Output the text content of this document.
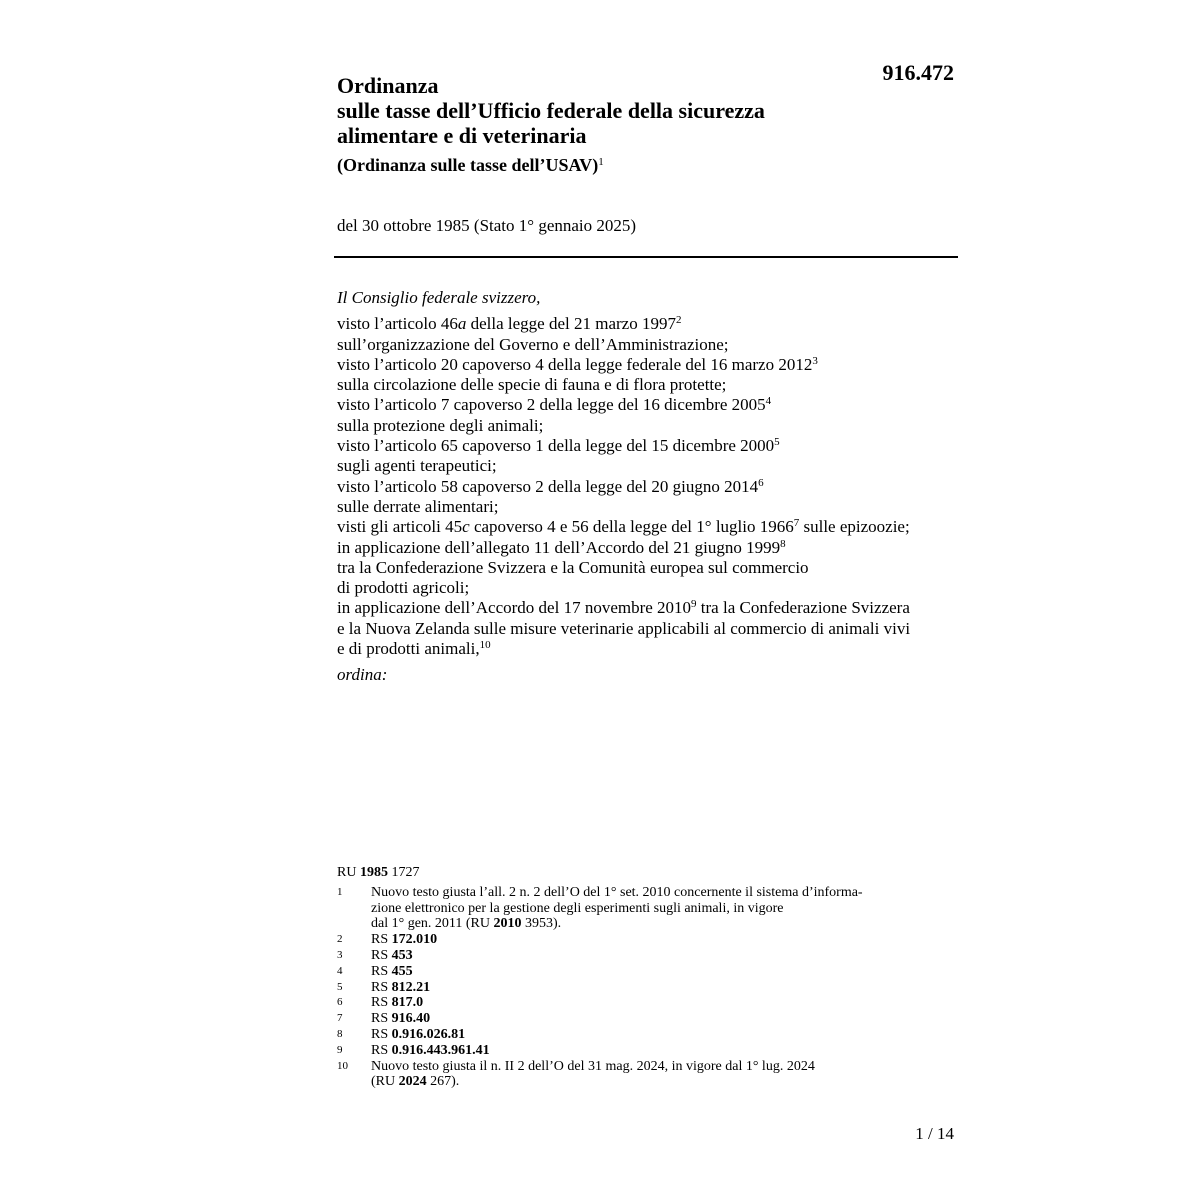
916.472
Ordinanza
sulle tasse dell’Ufficio federale della sicurezza
alimentare e di veterinaria
(Ordinanza sulle tasse dell’USAV)$^1$
del 30 ottobre 1985 (Stato 1° gennaio 2025)
Il Consiglio federale svizzero,
visto l’articolo 46a della legge del 21 marzo 1997$^2$
sull’organizzazione del Governo e dell’Amministrazione;
visto l’articolo 20 capoverso 4 della legge federale del 16 marzo 2012$^3$
sulla circolazione delle specie di fauna e di flora protette;
visto l’articolo 7 capoverso 2 della legge del 16 dicembre 2005$^4$
sulla protezione degli animali;
visto l’articolo 65 capoverso 1 della legge del 15 dicembre 2000$^5$
sugli agenti terapeutici;
visto l’articolo 58 capoverso 2 della legge del 20 giugno 2014$^6$
sulle derrate alimentari;
visti gli articoli 45c capoverso 4 e 56 della legge del 1° luglio 1966$^7$ sulle epizoozie;
in applicazione dell’allegato 11 dell’Accordo del 21 giugno 1999$^8$
tra la Confederazione Svizzera e la Comunità europea sul commercio
di prodotti agricoli;
in applicazione dell’Accordo del 17 novembre 2010$^9$ tra la Confederazione Svizzera
e la Nuova Zelanda sulle misure veterinarie applicabili al commercio di animali vivi
e di prodotti animali,$^{10}$
ordina:
RU 1985 1727
1	Nuovo testo giusta l’all. 2 n. 2 dell’O del 1° set. 2010 concernente il sistema d’informa-
zione elettronico per la gestione degli esperimenti sugli animali, in vigore
dal 1° gen. 2011 (RU 2010 3953).
2	RS 172.010
3	RS 453
4	RS 455
5	RS 812.21
6	RS 817.0
7	RS 916.40
8	RS 0.916.026.81
9	RS 0.916.443.961.41
10	Nuovo testo giusta il n. II 2 dell’O del 31 mag. 2024, in vigore dal 1° lug. 2024
(RU 2024 267).
1 / 14
